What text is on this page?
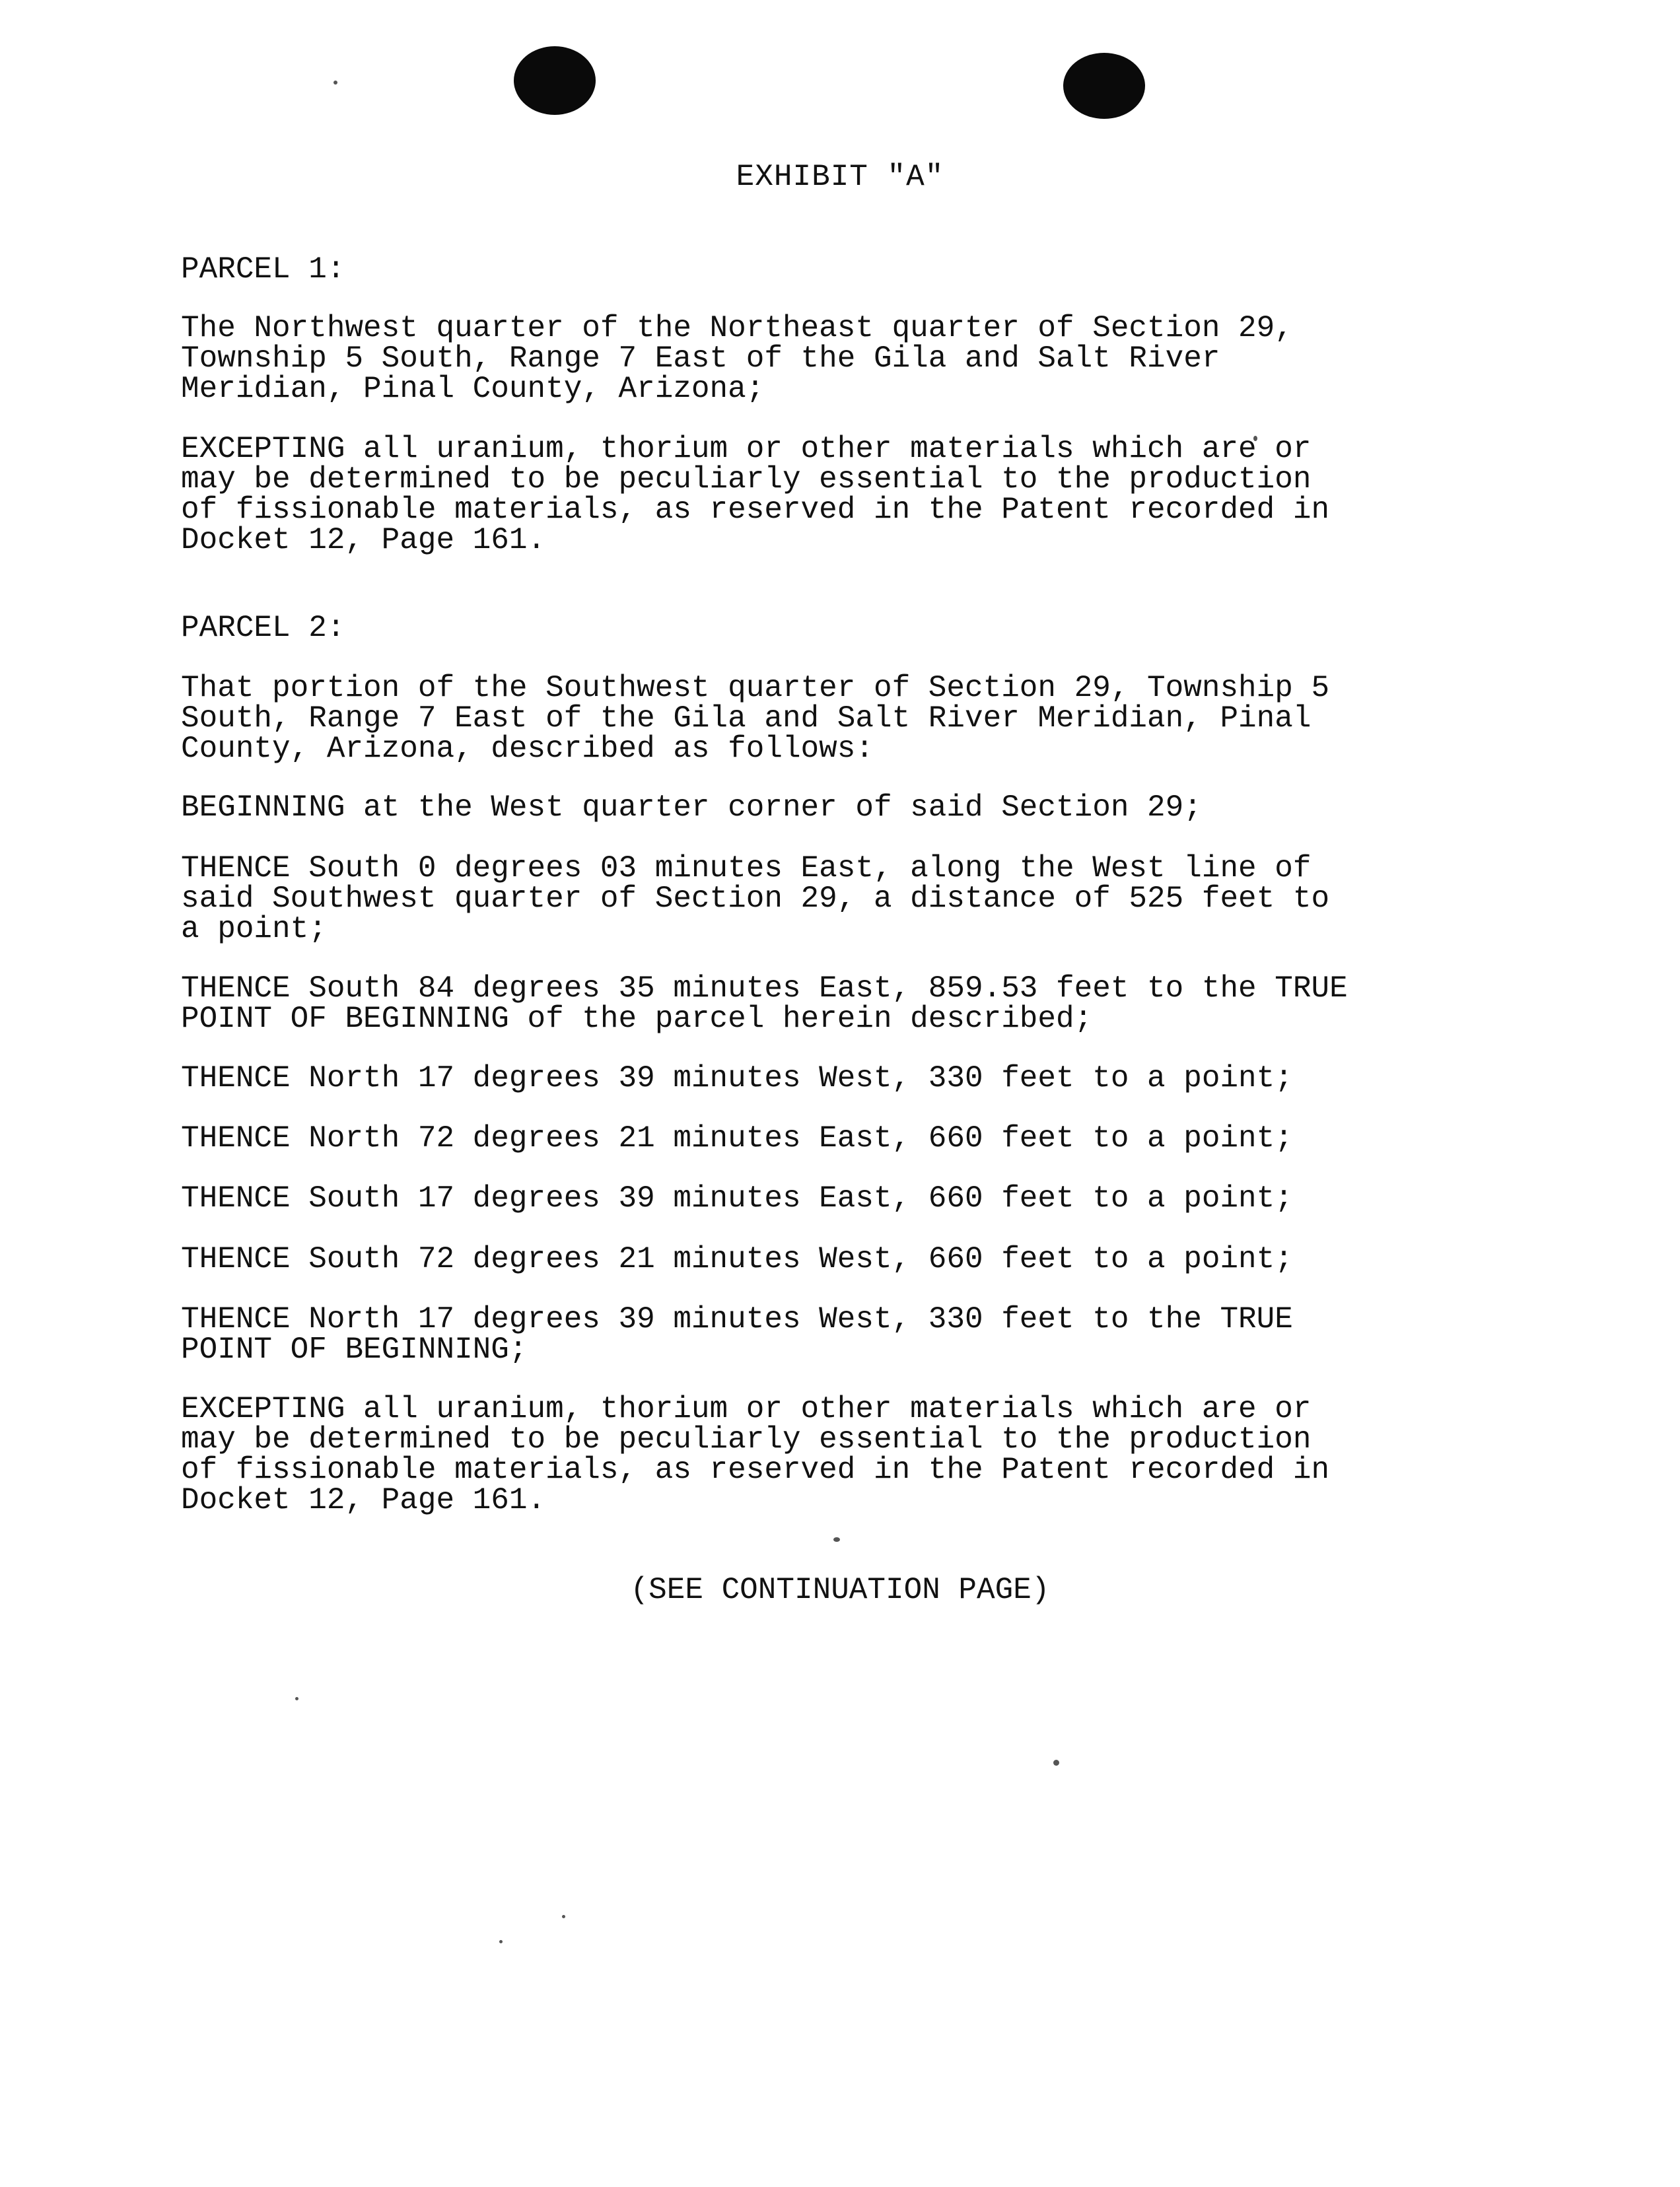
EXHIBIT "A"
PARCEL 1:
The Northwest quarter of the Northeast quarter of Section 29,
Township 5 South, Range 7 East of the Gila and Salt River
Meridian, Pinal County, Arizona;
EXCEPTING all uranium, thorium or other materials which are or
may be determined to be peculiarly essential to the production
of fissionable materials, as reserved in the Patent recorded in
Docket 12, Page 161.
PARCEL 2:
That portion of the Southwest quarter of Section 29, Township 5
South, Range 7 East of the Gila and Salt River Meridian, Pinal
County, Arizona, described as follows:
BEGINNING at the West quarter corner of said Section 29;
THENCE South 0 degrees 03 minutes East, along the West line of
said Southwest quarter of Section 29, a distance of 525 feet to
a point;
THENCE South 84 degrees 35 minutes East, 859.53 feet to the TRUE
POINT OF BEGINNING of the parcel herein described;
THENCE North 17 degrees 39 minutes West, 330 feet to a point;
THENCE North 72 degrees 21 minutes East, 660 feet to a point;
THENCE South 17 degrees 39 minutes East, 660 feet to a point;
THENCE South 72 degrees 21 minutes West, 660 feet to a point;
THENCE North 17 degrees 39 minutes West, 330 feet to the TRUE
POINT OF BEGINNING;
EXCEPTING all uranium, thorium or other materials which are or
may be determined to be peculiarly essential to the production
of fissionable materials, as reserved in the Patent recorded in
Docket 12, Page 161.
(SEE CONTINUATION PAGE)
